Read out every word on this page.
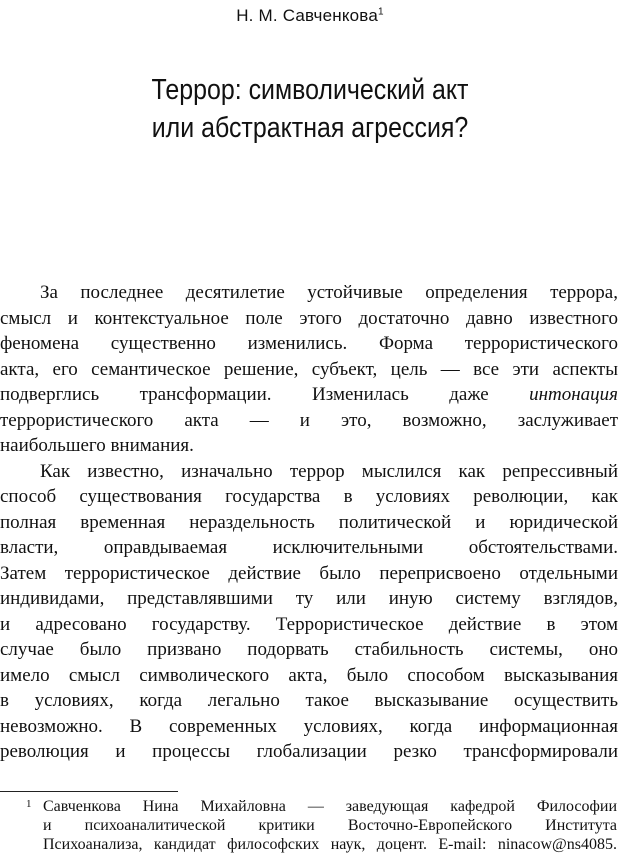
Н. М. Савченкова$^1$
Террор: символический акт
или абстрактная агрессия?
За последнее десятилетие устойчивые определения террора,
смысл и контекстуальное поле этого достаточно давно известного
феномена существенно изменились. Форма террористического
акта, его семантическое решение, субъект, цель — все эти аспекты
подверглись трансформации. Изменилась даже интонация
террористического акта — и это, возможно, заслуживает
наибольшего внимания.
Как известно, изначально террор мыслился как репрессивный
способ существования государства в условиях революции, как
полная временная нераздельность политической и юридической
власти, оправдываемая исключительными обстоятельствами.
Затем террористическое действие было переприсвоено отдельными
индивидами, представлявшими ту или иную систему взглядов,
и адресовано государству. Террористическое действие в этом
случае было призвано подорвать стабильность системы, оно
имело смысл символического акта, было способом высказывания
в условиях, когда легально такое высказывание осуществить
невозможно. В современных условиях, когда информационная
революция и процессы глобализации резко трансформировали
1 Савченкова Нина Михайловна — заведующая кафедрой Философии
и психоаналитической критики Восточно-Европейского Института
Психоанализа, кандидат философских наук, доцент. E-mail: ninacow@ns4085.
